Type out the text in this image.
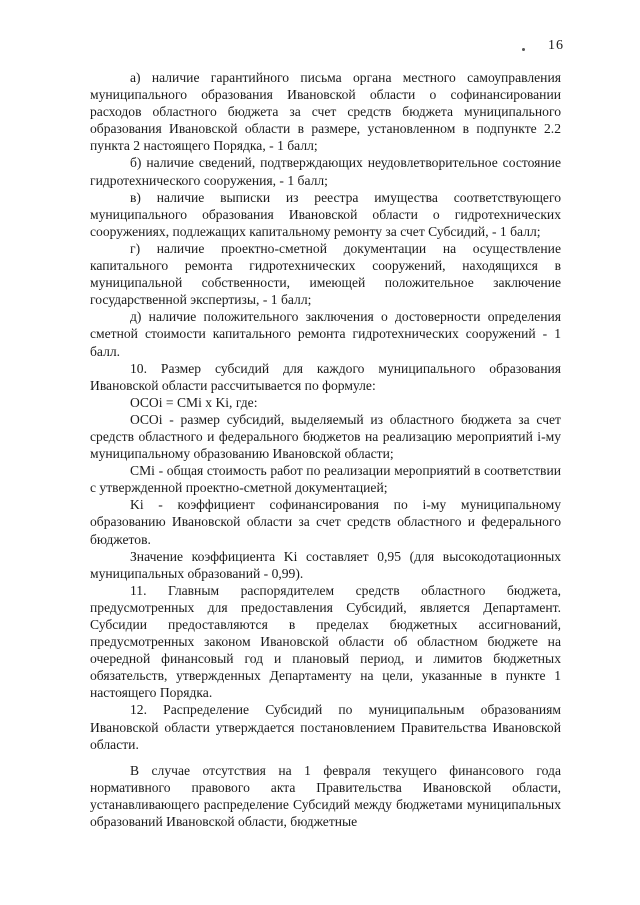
16

а) наличие гарантийного письма органа местного самоуправления муниципального образования Ивановской области о софинансировании расходов областного бюджета за счет средств бюджета муниципального образования Ивановской области в размере, установленном в подпункте 2.2 пункта 2 настоящего Порядка, - 1 балл;

б) наличие сведений, подтверждающих неудовлетворительное состояние гидротехнического сооружения, - 1 балл;

в) наличие выписки из реестра имущества соответствующего муниципального образования Ивановской области о гидротехнических сооружениях, подлежащих капитальному ремонту за счет Субсидий, - 1 балл;

г) наличие проектно-сметной документации на осуществление капитального ремонта гидротехнических сооружений, находящихся в муниципальной собственности, имеющей положительное заключение государственной экспертизы, - 1 балл;

д) наличие положительного заключения о достоверности определения сметной стоимости капитального ремонта гидротехнических сооружений - 1 балл.

10. Размер субсидий для каждого муниципального образования Ивановской области рассчитывается по формуле:

OCOi = CMi x Ki, где:

OCOi - размер субсидий, выделяемый из областного бюджета за счет средств областного и федерального бюджетов на реализацию мероприятий i-му муниципальному образованию Ивановской области;

CMi - общая стоимость работ по реализации мероприятий в соответствии с утвержденной проектно-сметной документацией;

Ki - коэффициент софинансирования по i-му муниципальному образованию Ивановской области за счет средств областного и федерального бюджетов.

Значение коэффициента Ki составляет 0,95 (для высокодотационных муниципальных образований - 0,99).

11. Главным распорядителем средств областного бюджета, предусмотренных для предоставления Субсидий, является Департамент. Субсидии предоставляются в пределах бюджетных ассигнований, предусмотренных законом Ивановской области об областном бюджете на очередной финансовый год и плановый период, и лимитов бюджетных обязательств, утвержденных Департаменту на цели, указанные в пункте 1 настоящего Порядка.

12. Распределение Субсидий по муниципальным образованиям Ивановской области утверждается постановлением Правительства Ивановской области.

В случае отсутствия на 1 февраля текущего финансового года нормативного правового акта Правительства Ивановской области, устанавливающего распределение Субсидий между бюджетами муниципальных образований Ивановской области, бюджетные
